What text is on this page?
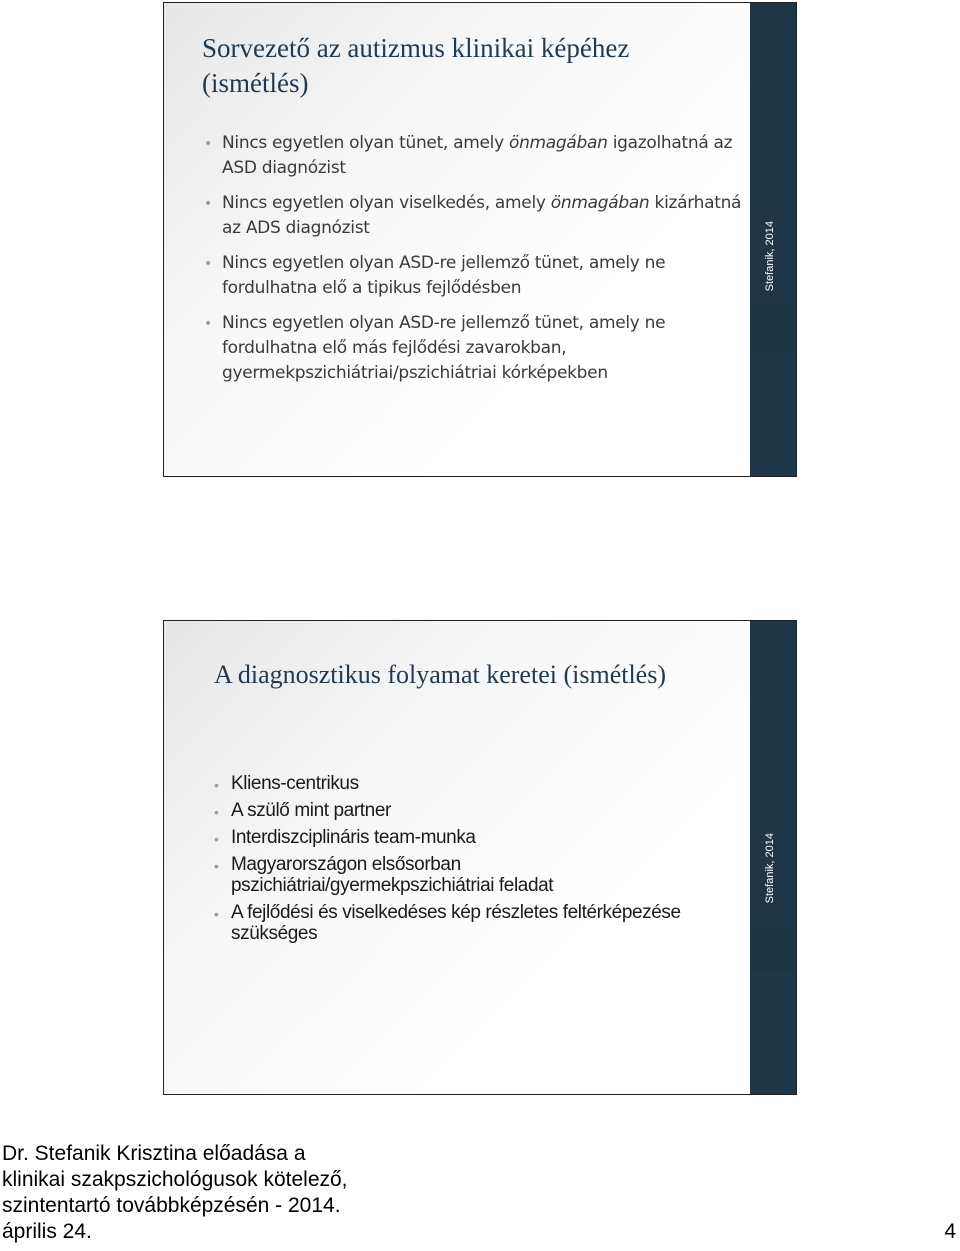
Stefanik, 2014
Sorvezető az autizmus klinikai képéhez (ismétlés)
• Nincs egyetlen olyan tünet, amely önmagában igazolhatná az ASD diagnózist
• Nincs egyetlen olyan viselkedés, amely önmagában kizárhatná az ADS diagnózist
• Nincs egyetlen olyan ASD-re jellemző tünet, amely ne fordulhatna elő a tipikus fejlődésben
• Nincs egyetlen olyan ASD-re jellemző tünet, amely ne fordulhatna elő más fejlődési zavarokban, gyermekpszichiátriai/pszichiátriai kórképekben
Stefanik, 2014
A diagnosztikus folyamat keretei (ismétlés)
• Kliens-centrikus
• A szülő mint partner
• Interdiszciplináris team-munka
• Magyarországon elsősorban pszichiátriai/gyermekpszichiátriai feladat
• A fejlődési és viselkedéses kép részletes feltérképezése szükséges
Dr. Stefanik Krisztina előadása a
klinikai szakpszichológusok kötelező,
szintentartó továbbképzésén - 2014.
április 24.	4
